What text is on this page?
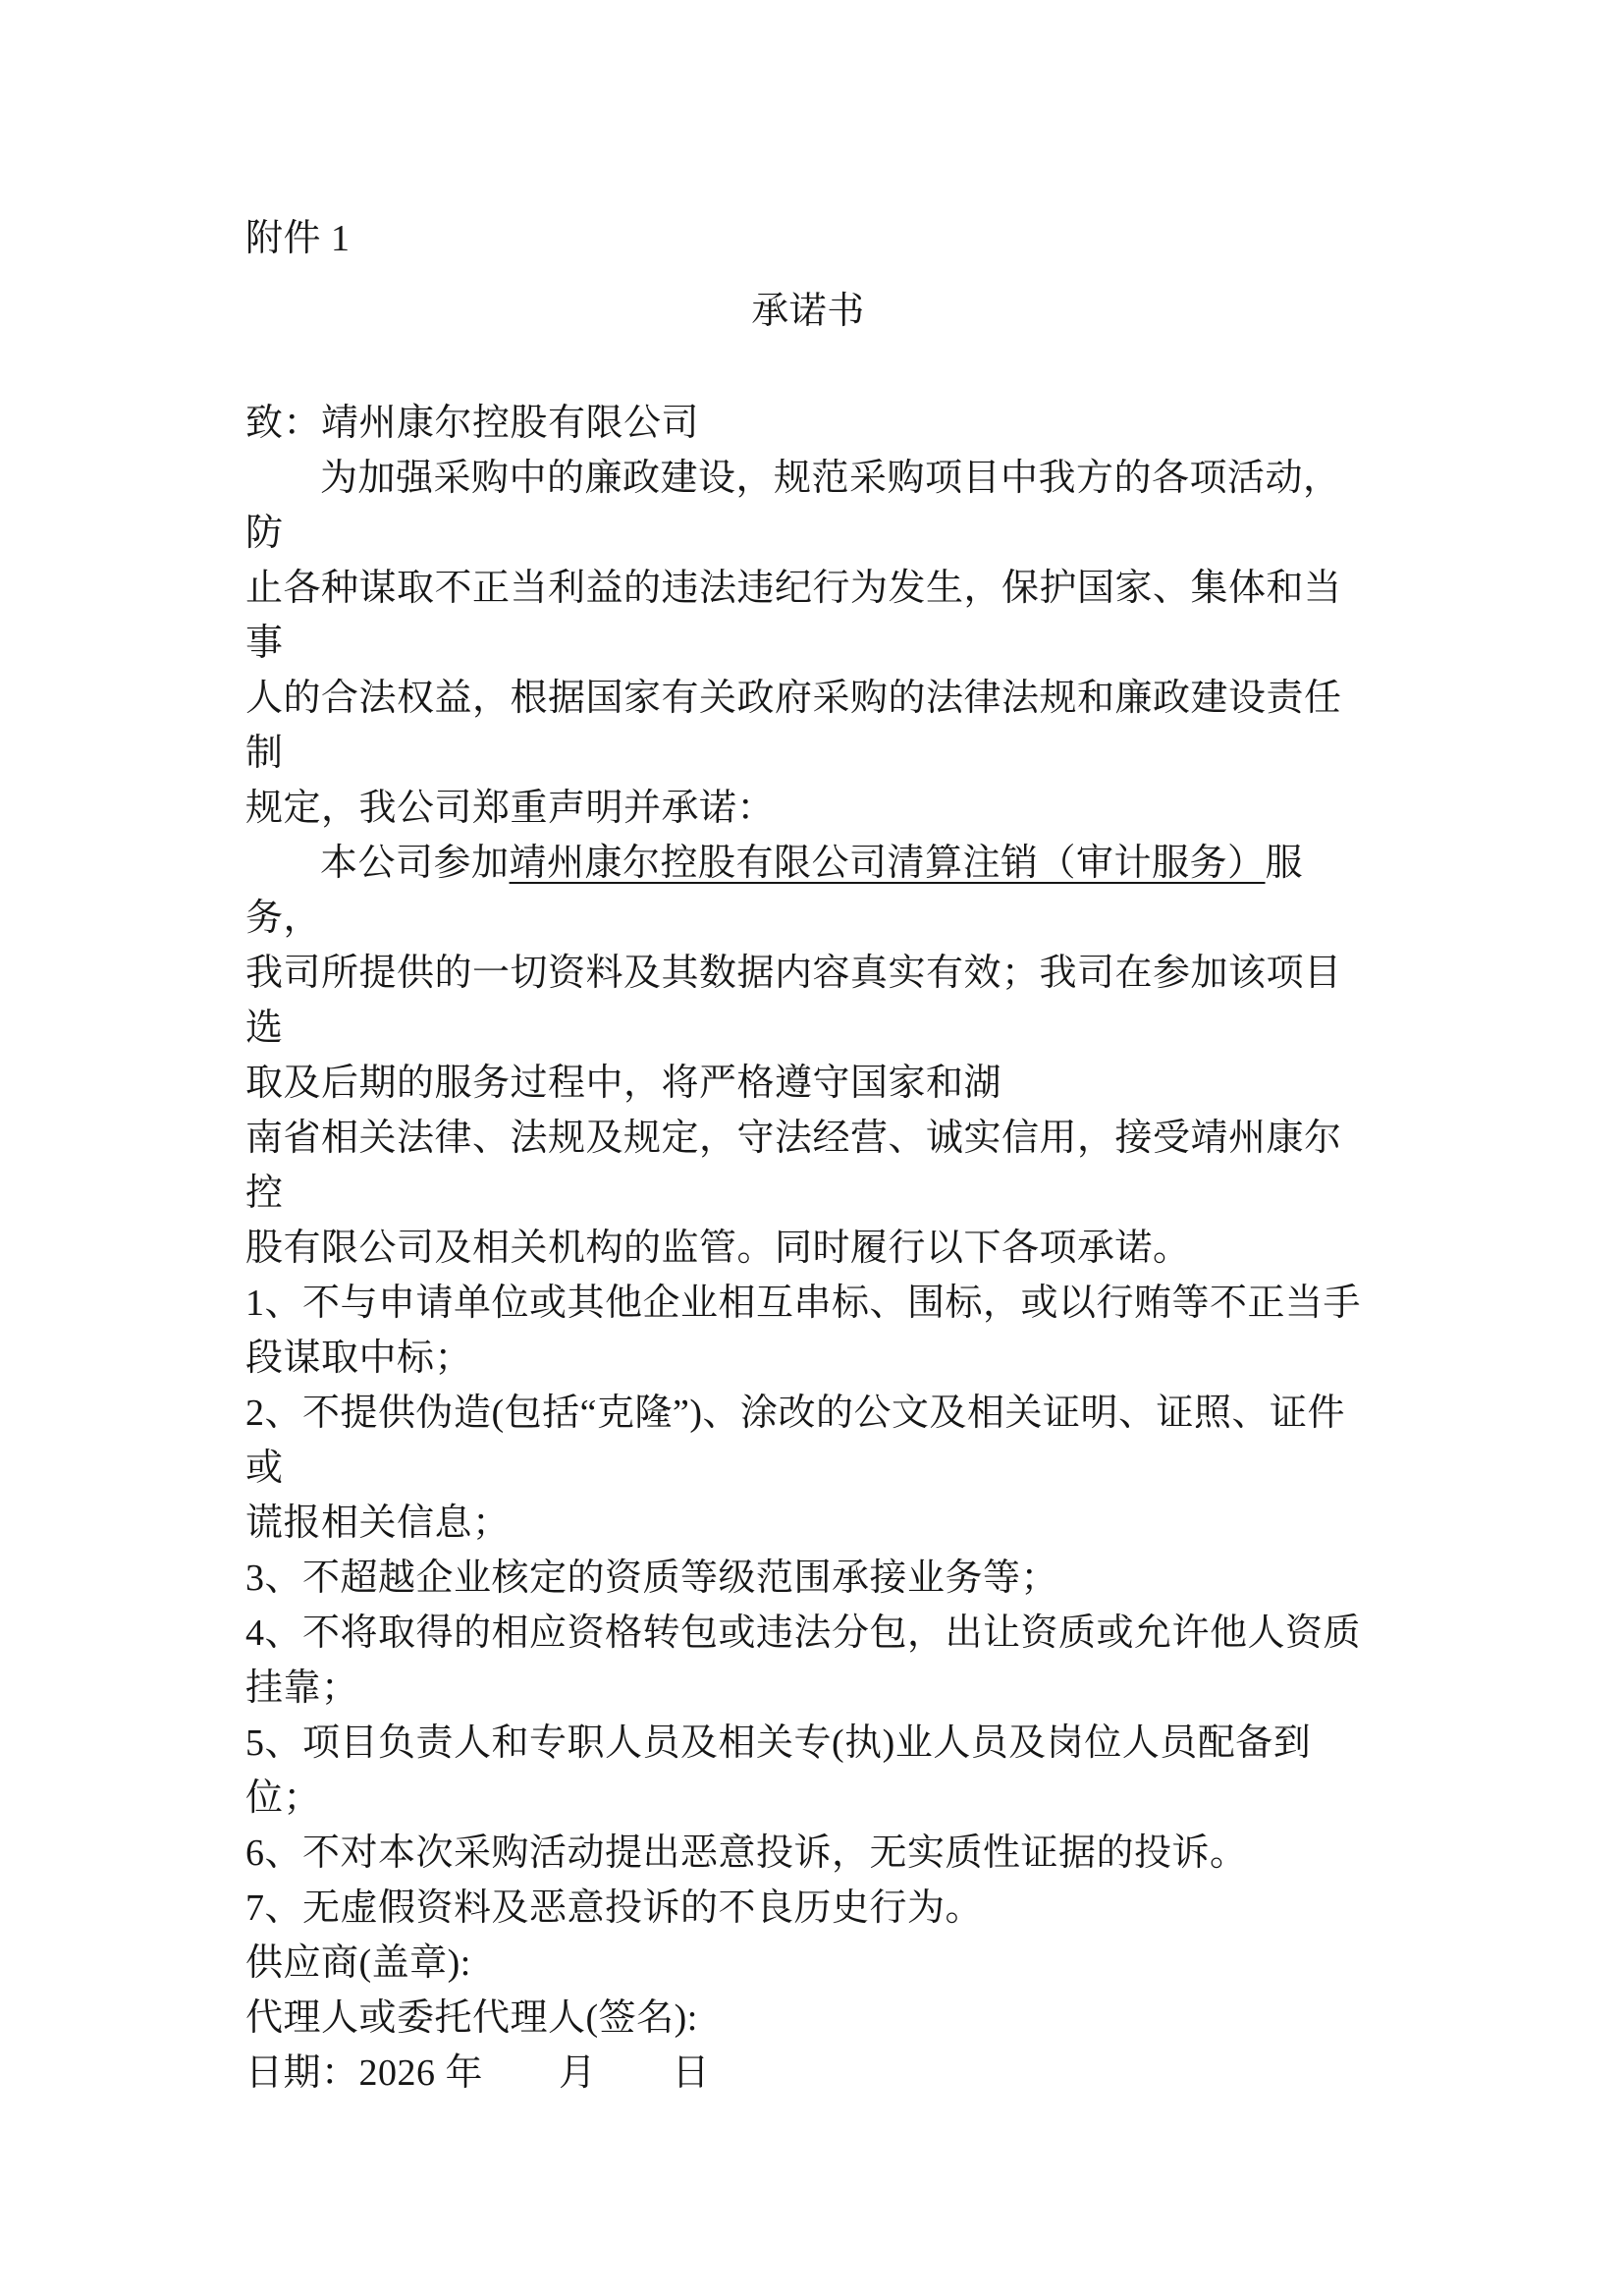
附件 1
承诺书
致：靖州康尔控股有限公司
为加强采购中的廉政建设，规范采购项目中我方的各项活动，防
止各种谋取不正当利益的违法违纪行为发生，保护国家、集体和当事
人的合法权益，根据国家有关政府采购的法律法规和廉政建设责任制
规定，我公司郑重声明并承诺：
本公司参加靖州康尔控股有限公司清算注销（审计服务）服务，
我司所提供的一切资料及其数据内容真实有效；我司在参加该项目选
取及后期的服务过程中，将严格遵守国家和湖
南省相关法律、法规及规定，守法经营、诚实信用，接受靖州康尔控
股有限公司及相关机构的监管。同时履行以下各项承诺。
1、不与申请单位或其他企业相互串标、围标，或以行贿等不正当手
段谋取中标；
2、不提供伪造(包括“克隆”)、涂改的公文及相关证明、证照、证件或
谎报相关信息；
3、不超越企业核定的资质等级范围承接业务等；
4、不将取得的相应资格转包或违法分包，出让资质或允许他人资质
挂靠；
5、项目负责人和专职人员及相关专(执)业人员及岗位人员配备到位；
6、不对本次采购活动提出恶意投诉，无实质性证据的投诉。
7、无虚假资料及恶意投诉的不良历史行为。
供应商(盖章):
代理人或委托代理人(签名):
日期：2026 年　　月　　日
